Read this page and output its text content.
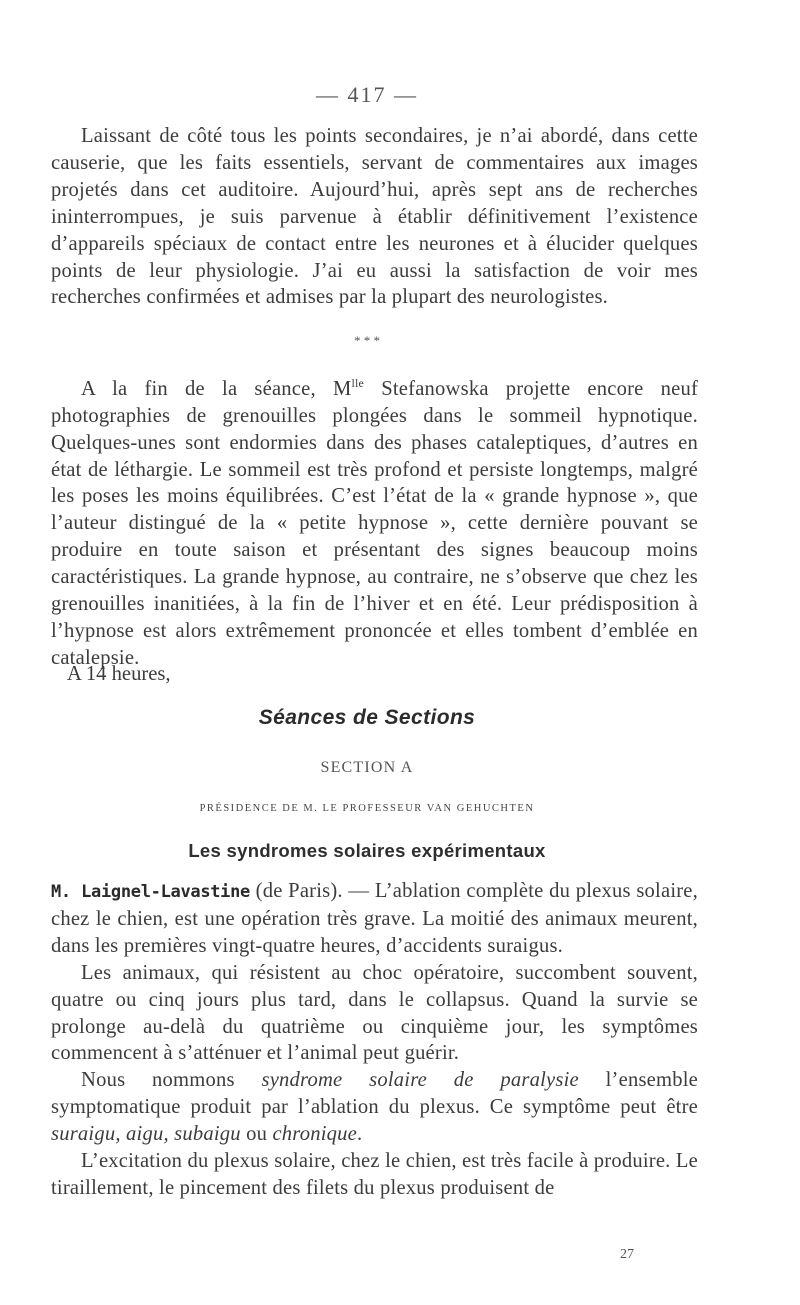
— 417 —

Laissant de côté tous les points secondaires, je n’ai abordé, dans cette causerie, que les faits essentiels, servant de commentaires aux images projetés dans cet auditoire. Aujourd’hui, après sept ans de recherches ininterrompues, je suis parvenue à établir définitivement l’existence d’appareils spéciaux de contact entre les neurones et à élucider quelques points de leur physiologie. J’ai eu aussi la satisfaction de voir mes recherches confirmées et admises par la plupart des neurologistes.

* * *

A la fin de la séance, $M^{lle}$ Stefanowska projette encore neuf photographies de grenouilles plongées dans le sommeil hypnotique. Quelques-unes sont endormies dans des phases cataleptiques, d’autres en état de léthargie. Le sommeil est très profond et persiste longtemps, malgré les poses les moins équilibrées. C’est l’état de la « grande hypnose », que l’auteur distingué de la « petite hypnose », cette dernière pouvant se produire en toute saison et présentant des signes beaucoup moins caractéristiques. La grande hypnose, au contraire, ne s’observe que chez les grenouilles inanitiées, à la fin de l’hiver et en été. Leur prédisposition à l’hypnose est alors extrêmement prononcée et elles tombent d’emblée en catalepsie.

A 14 heures,
Séances de Sections
SECTION A
PRÉSIDENCE DE M. LE PROFESSEUR VAN GEHUCHTEN
Les syndromes solaires expérimentaux

M. Laignel-Lavastine (de Paris). — L’ablation complète du plexus solaire, chez le chien, est une opération très grave. La moitié des animaux meurent, dans les premières vingt-quatre heures, d’accidents suraigus.

Les animaux, qui résistent au choc opératoire, succombent souvent, quatre ou cinq jours plus tard, dans le collapsus. Quand la survie se prolonge au-delà du quatrième ou cinquième jour, les symptômes commencent à s’atténuer et l’animal peut guérir.

Nous nommons syndrome solaire de paralysie l’ensemble symptomatique produit par l’ablation du plexus. Ce symptôme peut être suraigu, aigu, subaigu ou chronique.

L’excitation du plexus solaire, chez le chien, est très facile à produire. Le tiraillement, le pincement des filets du plexus produisent de

27
